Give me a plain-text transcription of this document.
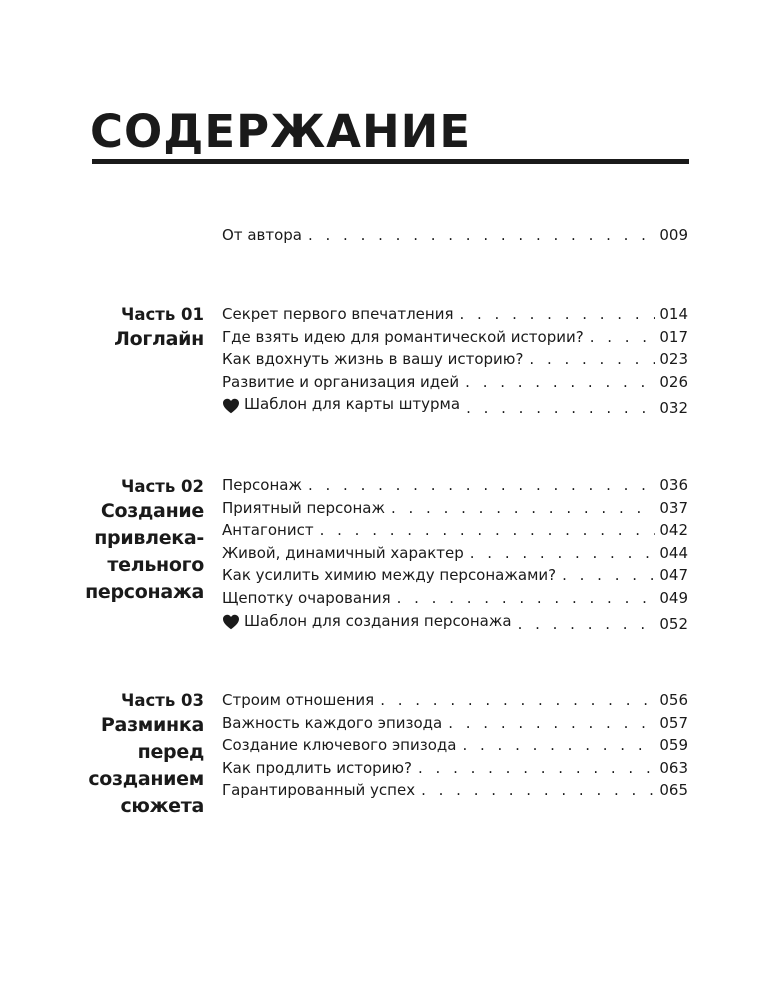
СОДЕРЖАНИЕ
От автора . . .	009
Часть 01
Логлайн
Секрет первого впечатления . . .	014
Где взять идею для романтической истории? . . .	017
Как вдохнуть жизнь в вашу историю? . . .	023
Развитие и организация идей . . .	026
Шаблон для карты штурма . . .	032
Часть 02
Создание
привлека-
тельного
персонажа
Персонаж . . .	036
Приятный персонаж . . .	037
Антагонист . . .	042
Живой, динамичный характер . . .	044
Как усилить химию между персонажами? . . .	047
Щепотку очарования . . .	049
Шаблон для создания персонажа . . .	052
Часть 03
Разминка
перед
созданием
сюжета
Строим отношения . . .	056
Важность каждого эпизода . . .	057
Создание ключевого эпизода . . .	059
Как продлить историю? . . .	063
Гарантированный успех . . .	065
